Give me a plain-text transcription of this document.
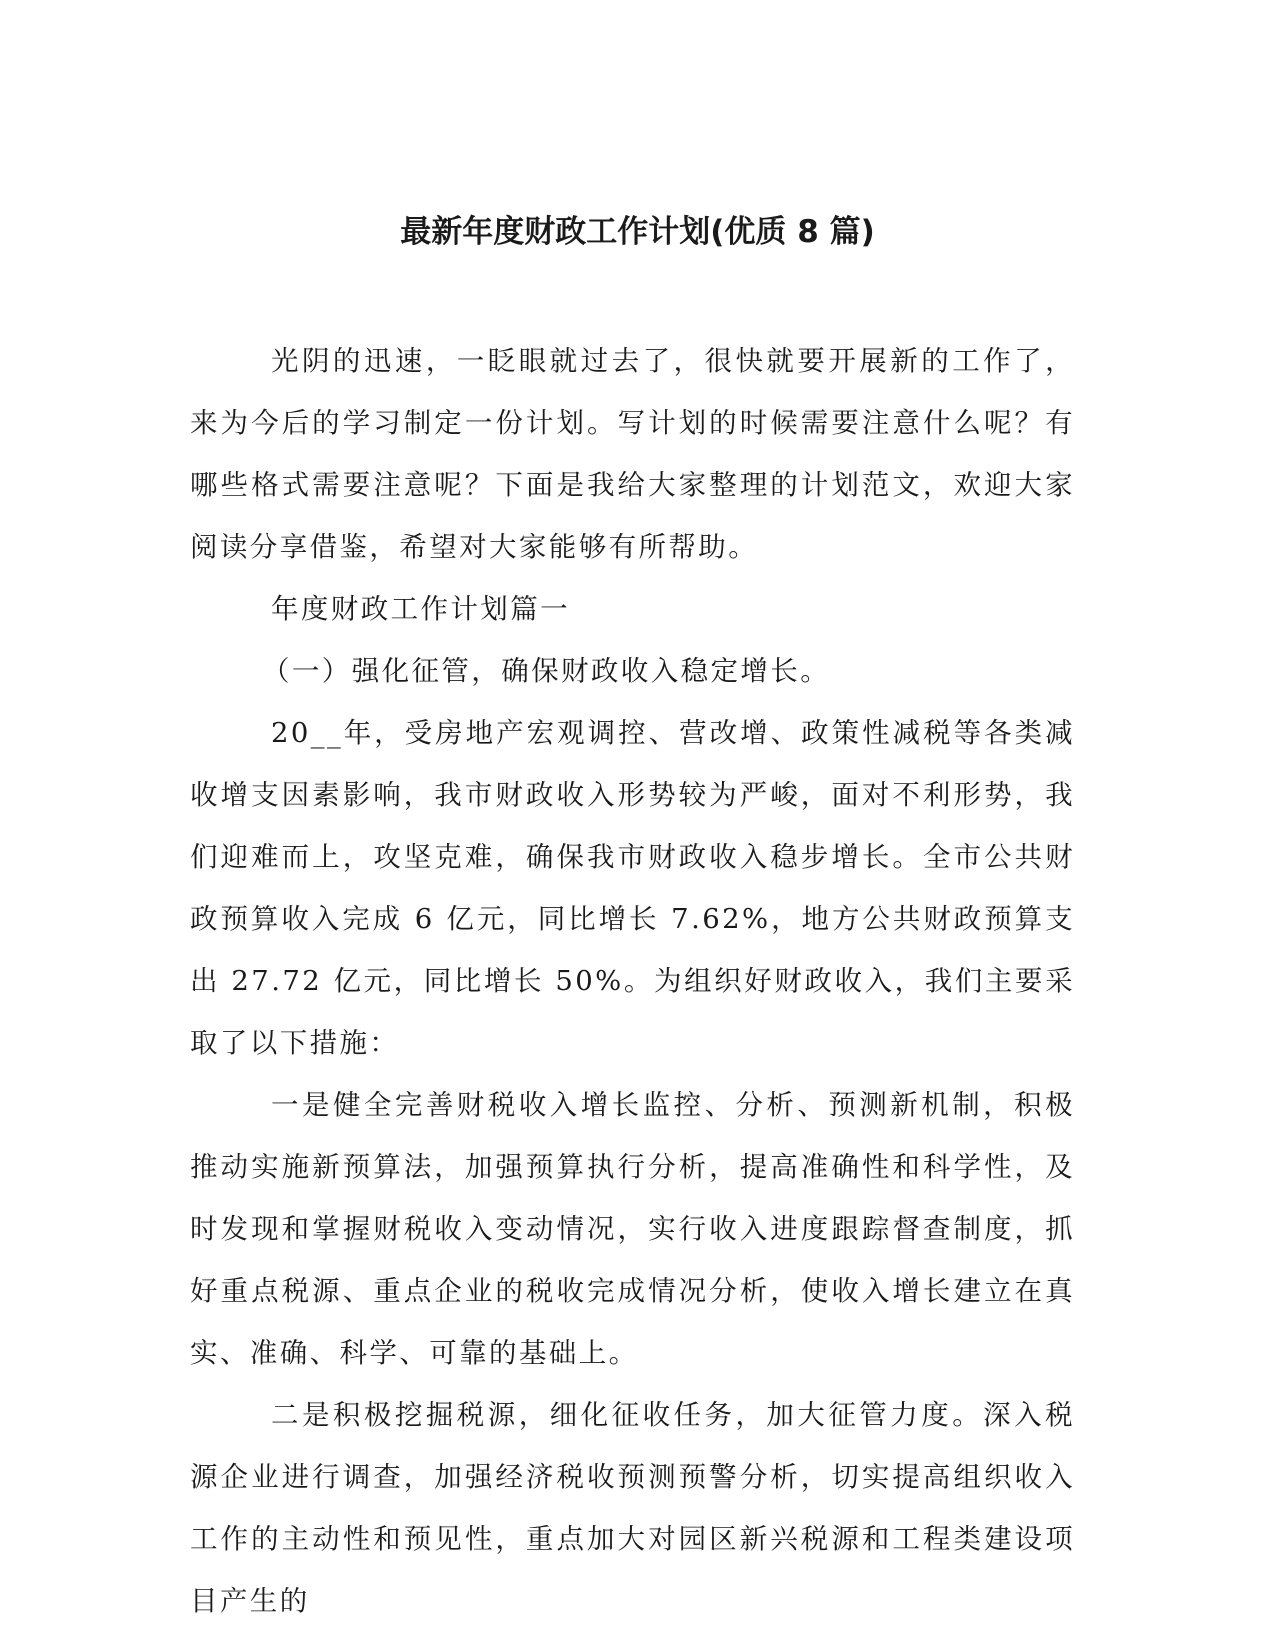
最新年度财政工作计划(优质 8 篇)

光阴的迅速，一眨眼就过去了，很快就要开展新的工作了，来为今后的学习制定一份计划。写计划的时候需要注意什么呢？有哪些格式需要注意呢？下面是我给大家整理的计划范文，欢迎大家阅读分享借鉴，希望对大家能够有所帮助。

年度财政工作计划篇一

（一）强化征管，确保财政收入稳定增长。

20__年，受房地产宏观调控、营改增、政策性减税等各类减收增支因素影响，我市财政收入形势较为严峻，面对不利形势，我们迎难而上，攻坚克难，确保我市财政收入稳步增长。全市公共财政预算收入完成 6 亿元，同比增长 7.62%，地方公共财政预算支出 27.72 亿元，同比增长 50%。为组织好财政收入，我们主要采取了以下措施：

一是健全完善财税收入增长监控、分析、预测新机制，积极推动实施新预算法，加强预算执行分析，提高准确性和科学性，及时发现和掌握财税收入变动情况，实行收入进度跟踪督查制度，抓好重点税源、重点企业的税收完成情况分析，使收入增长建立在真实、准确、科学、可靠的基础上。

二是积极挖掘税源，细化征收任务，加大征管力度。深入税源企业进行调查，加强经济税收预测预警分析，切实提高组织收入工作的主动性和预见性，重点加大对园区新兴税源和工程类建设项目产生的
